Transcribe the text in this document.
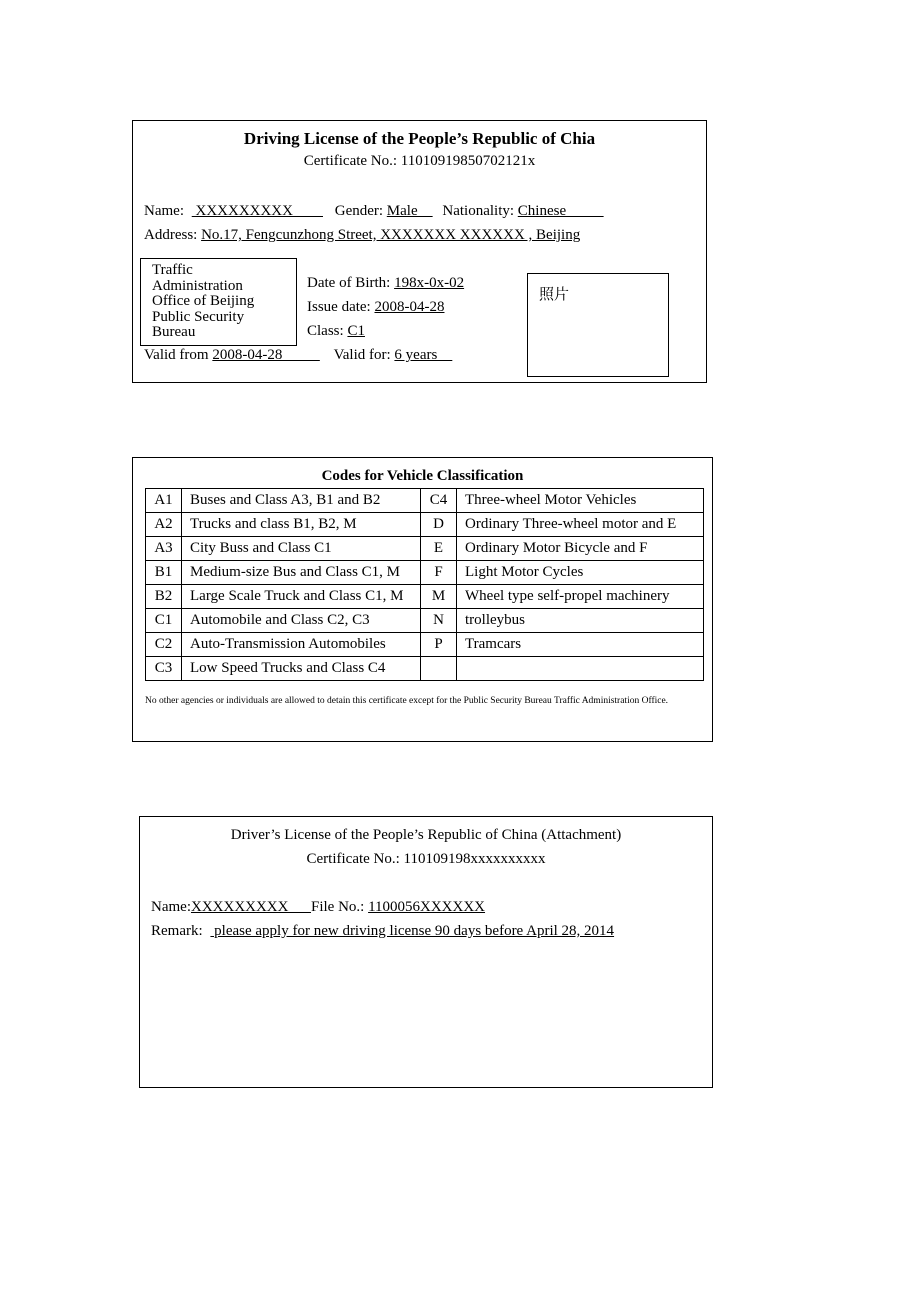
Driving License of the People’s Republic of Chia
Certificate No.: 11010919850702121x
Name:  XXXXXXXXX         Gender: Male     Nationality: Chinese
Address: No.17, Fengcunzhong Street, XXXXXXX XXXXXX , Beijing
Traffic
Administration
Office of Beijing
Public Security
Bureau
Date of Birth: 198x-0x-02
Issue date: 2008-04-28
Class: C1
Valid from 2008-04-28           Valid for: 6 years
照片
Codes for Vehicle Classification
A1	Buses and Class A3, B1 and B2	C4	Three-wheel Motor Vehicles
A2	Trucks and class B1, B2, M	D	Ordinary Three-wheel motor and E
A3	City Buss and Class C1	E	Ordinary Motor Bicycle and F
B1	Medium-size Bus and Class C1, M	F	Light Motor Cycles
B2	Large Scale Truck and Class C1, M	M	Wheel type self-propel machinery
C1	Automobile and Class C2, C3	N	trolleybus
C2	Auto-Transmission Automobiles	P	Tramcars
C3	Low Speed Trucks and Class C4		
No other agencies or individuals are allowed to detain this certificate except for the Public Security Bureau Traffic Administration Office.
Driver’s License of the People’s Republic of China (Attachment)
Certificate No.: 110109198xxxxxxxxxx
Name:XXXXXXXXX      File No.: 1100056XXXXXX
Remark:  please apply for new driving license 90 days before April 28, 2014
